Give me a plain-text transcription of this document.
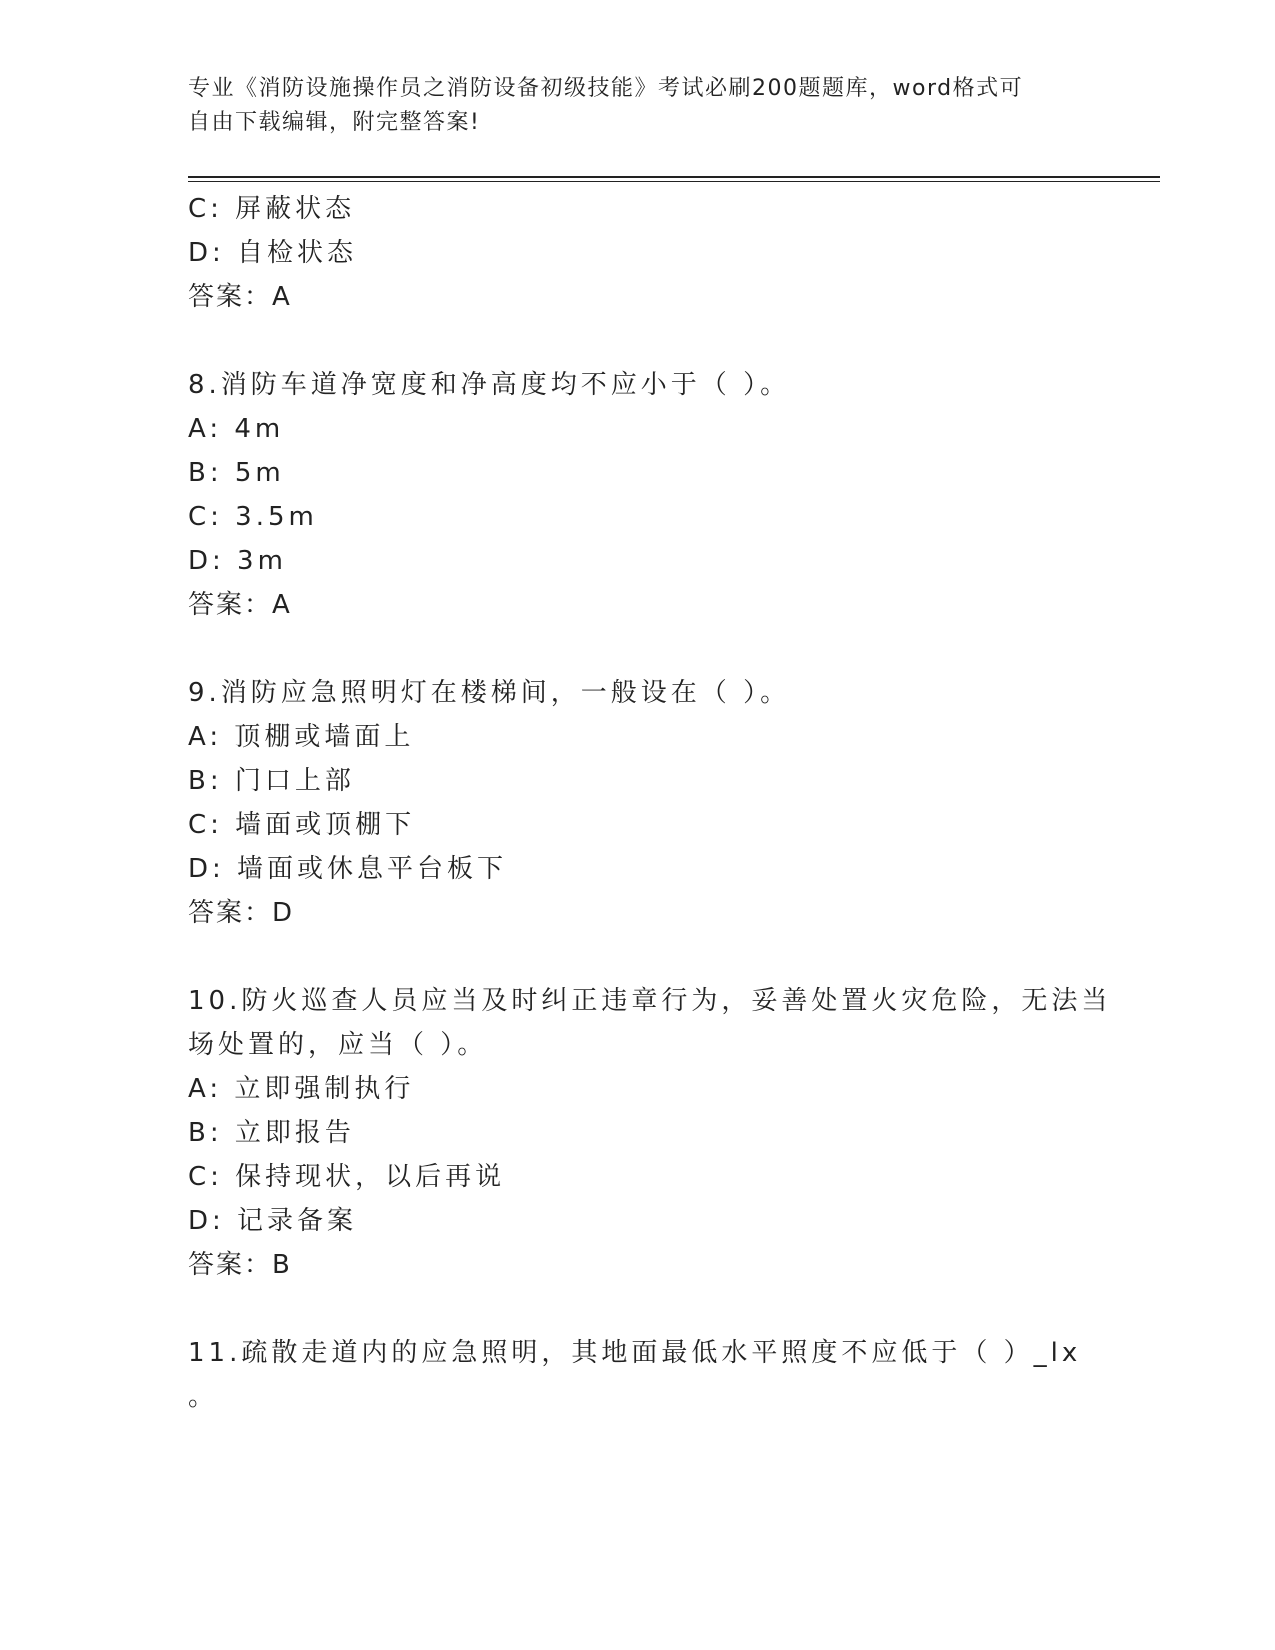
专业《消防设施操作员之消防设备初级技能》考试必刷200题题库，word格式可
自由下载编辑，附完整答案!
C: 屏蔽状态
D: 自检状态
答案：A
8.消防车道净宽度和净高度均不应小于（ ）。
A: 4m
B: 5m
C: 3.5m
D: 3m
答案：A
9.消防应急照明灯在楼梯间，一般设在（ ）。
A: 顶棚或墙面上
B: 门口上部
C: 墙面或顶棚下
D: 墙面或休息平台板下
答案：D
10.防火巡查人员应当及时纠正违章行为，妥善处置火灾危险，无法当
场处置的，应当（ ）。
A: 立即强制执行
B: 立即报告
C: 保持现状，以后再说
D: 记录备案
答案：B
11.疏散走道内的应急照明，其地面最低水平照度不应低于（ ）_lx
。
